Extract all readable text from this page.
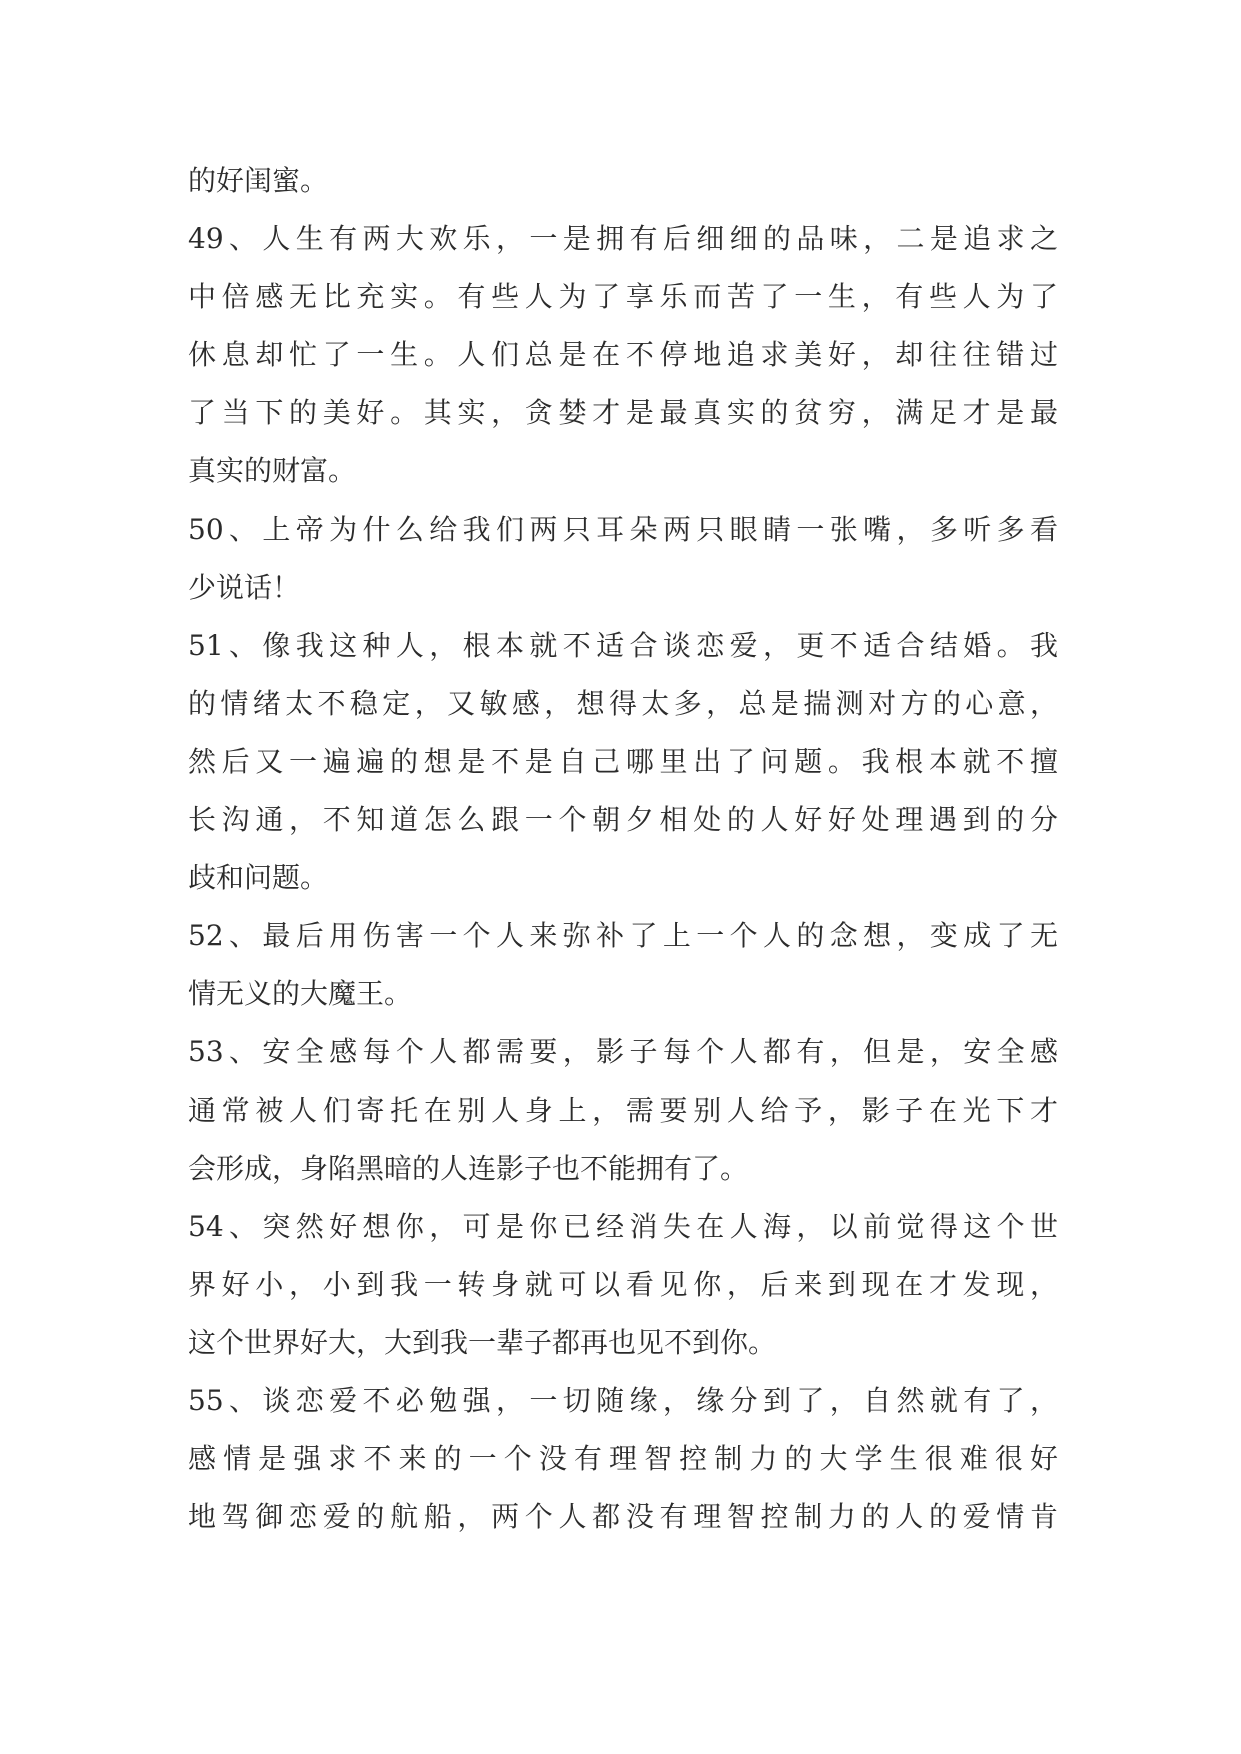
的好闺蜜。
49、人生有两大欢乐，一是拥有后细细的品味，二是追求之
中倍感无比充实。有些人为了享乐而苦了一生，有些人为了
休息却忙了一生。人们总是在不停地追求美好，却往往错过
了当下的美好。其实，贪婪才是最真实的贫穷，满足才是最
真实的财富。
50、上帝为什么给我们两只耳朵两只眼睛一张嘴，多听多看
少说话！
51、像我这种人，根本就不适合谈恋爱，更不适合结婚。我
的情绪太不稳定，又敏感，想得太多，总是揣测对方的心意，
然后又一遍遍的想是不是自己哪里出了问题。我根本就不擅
长沟通，不知道怎么跟一个朝夕相处的人好好处理遇到的分
歧和问题。
52、最后用伤害一个人来弥补了上一个人的念想，变成了无
情无义的大魔王。
53、安全感每个人都需要，影子每个人都有，但是，安全感
通常被人们寄托在别人身上，需要别人给予，影子在光下才
会形成，身陷黑暗的人连影子也不能拥有了。
54、突然好想你，可是你已经消失在人海，以前觉得这个世
界好小，小到我一转身就可以看见你，后来到现在才发现，
这个世界好大，大到我一辈子都再也见不到你。
55、谈恋爱不必勉强，一切随缘，缘分到了，自然就有了，
感情是强求不来的一个没有理智控制力的大学生很难很好
地驾御恋爱的航船，两个人都没有理智控制力的人的爱情肯
